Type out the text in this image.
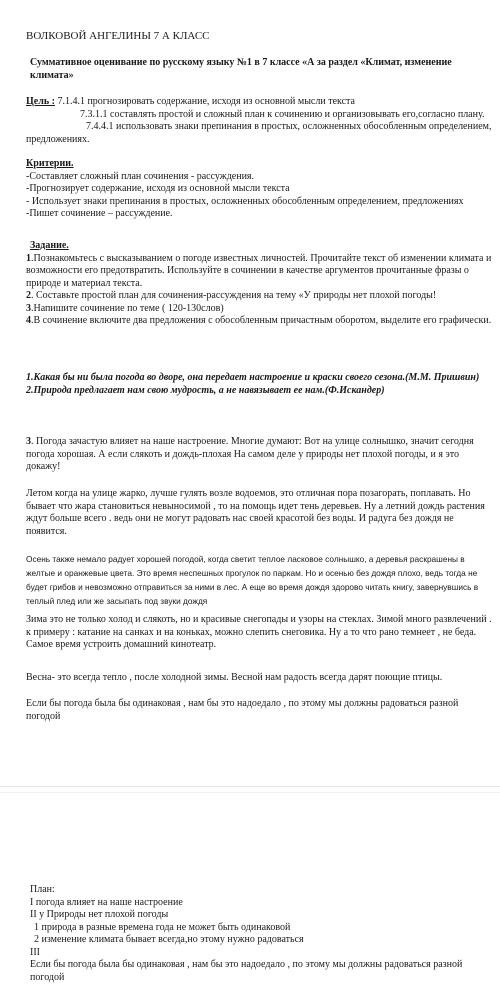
ВОЛКОВОЙ АНГЕЛИНЫ 7 А КЛАСС

Суммативное оценивание по русскому языку №1 в 7 классе «А за раздел «Климат, изменение климата»

Цель : 7.1.4.1 прогнозировать содержание, исходя из основной мысли текста

7.3.1.1 составлять простой и сложный план к сочинению и организовывать его,согласно плану.

7.4.4.1 использовать знаки препинания в простых, осложненных обособленным определением, предложениях.

Критерии.

-Составляет сложный план сочинения - рассуждения.

-Прогнозирует содержание, исходя из основной мысли текста

- Использует знаки препинания в простых, осложненных обособленным определением, предложениях

-Пишет сочинение – рассуждение.

Задание.

1.Познакомьтесь с высказыванием о погоде известных личностей. Прочитайте текст об изменении климата и возможности его предотвратить. Используйте в сочинении в качестве аргументов прочитанные фразы о природе и материал текста.

2. Составьте простой план для сочинения-рассуждения на тему «У природы нет плохой погоды!

3.Напишите сочинение по теме ( 120-130слов)

4.В сочинение включите два предложения с обособленным причастным оборотом, выделите его графически.

1.Какая бы ни была погода во дворе, она передает настроение и краски своего сезона.(М.М. Пришвин)

2.Природа предлагает нам свою мудрость, а не навязывает ее нам.(Ф.Искандер)

3. Погода зачастую влияет на наше настроение. Многие думают: Вот на улице солнышко, значит сегодня погода хорошая. А если слякоть и дождь-плохая На самом деле у природы нет плохой погоды, и я это докажу!

Летом когда на улице жарко, лучше гулять возле водоемов, это отличная пора позагорать, поплавать. Но бывает что жара становиться невыносимой , то на помощь идет тень деревьев. Ну а летний дождь растения ждут больше всего . ведь они не могут радовать нас своей красотой без воды. И радуга без дождя не появится.

Осень также немало радует хорошей погодой, когда светит теплое ласковое солнышко, а деревья раскрашены в желтые и оранжевые цвета. Это время неспешных прогулок по паркам. Но и осенью без дождя плохо, ведь тогда не будет грибов и невозможно отправиться за ними в лес. А еще во время дождя здорово читать книгу, завернувшись в теплый плед или же засыпать под звуки дождя

Зима это не только холод и слякоть, но и красивые снегопады и узоры на стеклах. Зимой много развлечений . к примеру : катание на санках и на коньках, можно слепить снеговика. Ну а то что рано темнеет , не беда. Самое время устроить домашний кинотеатр.

Весна- это всегда тепло , после холодной зимы. Весной нам радость всегда дарят поющие птицы.

Если бы погода была бы одинаковая , нам бы это надоедало , по этому мы должны радоваться разной погодой

План:

I погода влияет на наше настроение

II у Природы нет плохой погоды

1 природа в разные времена года не может быть одинаковой

2 изменение климата бывает всегда,но этому нужно радоваться

III

Если бы погода была бы одинаковая , нам бы это надоедало , по этому мы должны радоваться разной погодой
